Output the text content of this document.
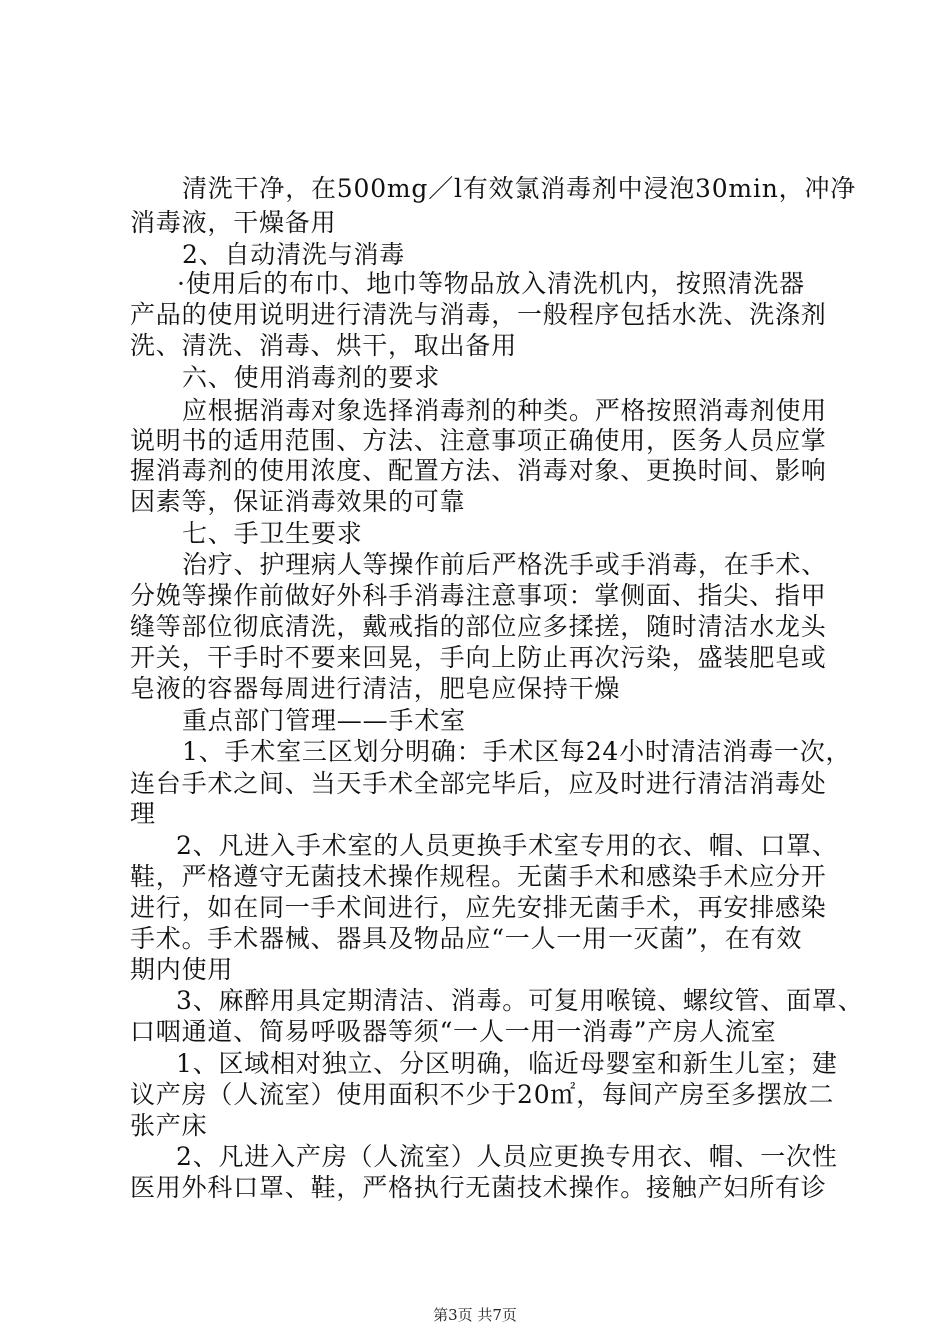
清洗干净，在500mg／l有效氯消毒剂中浸泡30min，冲净
消毒液，干燥备用
2、自动清洗与消毒
·使用后的布巾、地巾等物品放入清洗机内，按照清洗器
产品的使用说明进行清洗与消毒，一般程序包括水洗、洗涤剂
洗、清洗、消毒、烘干，取出备用
六、使用消毒剂的要求
应根据消毒对象选择消毒剂的种类。严格按照消毒剂使用
说明书的适用范围、方法、注意事项正确使用，医务人员应掌
握消毒剂的使用浓度、配置方法、消毒对象、更换时间、影响
因素等，保证消毒效果的可靠
七、手卫生要求
治疗、护理病人等操作前后严格洗手或手消毒，在手术、
分娩等操作前做好外科手消毒注意事项：掌侧面、指尖、指甲
缝等部位彻底清洗，戴戒指的部位应多揉搓，随时清洁水龙头
开关，干手时不要来回晃，手向上防止再次污染，盛装肥皂或
皂液的容器每周进行清洁，肥皂应保持干燥
重点部门管理——手术室
1、手术室三区划分明确：手术区每24小时清洁消毒一次，
连台手术之间、当天手术全部完毕后，应及时进行清洁消毒处
理
2、凡进入手术室的人员更换手术室专用的衣、帽、口罩、
鞋，严格遵守无菌技术操作规程。无菌手术和感染手术应分开
进行，如在同一手术间进行，应先安排无菌手术，再安排感染
手术。手术器械、器具及物品应“一人一用一灭菌”，在有效
期内使用
3、麻醉用具定期清洁、消毒。可复用喉镜、螺纹管、面罩、
口咽通道、简易呼吸器等须“一人一用一消毒”产房人流室
1、区域相对独立、分区明确，临近母婴室和新生儿室；建
议产房（人流室）使用面积不少于20㎡，每间产房至多摆放二
张产床
2、凡进入产房（人流室）人员应更换专用衣、帽、一次性
医用外科口罩、鞋，严格执行无菌技术操作。接触产妇所有诊
第3页 共7页
